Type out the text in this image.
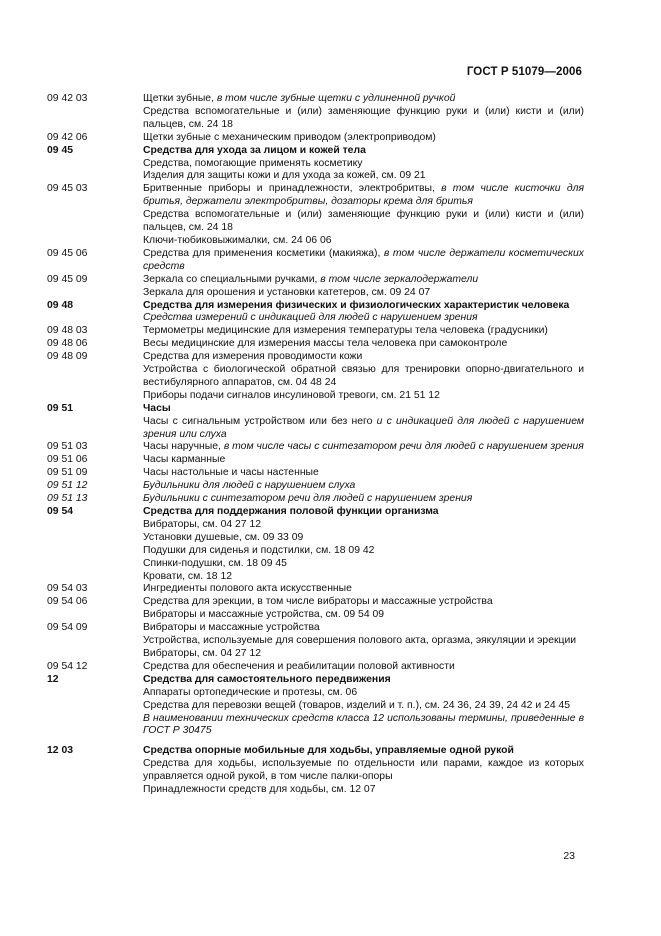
ГОСТ Р 51079—2006
09 42 03	Щетки зубные, в том числе зубные щетки с удлиненной ручкой
Средства вспомогательные и (или) заменяющие функцию руки и (или) кисти и (или) пальцев, см. 24 18
09 42 06	Щетки зубные с механическим приводом (электроприводом)
09 45	Средства для ухода за лицом и кожей тела
Средства, помогающие применять косметику
Изделия для защиты кожи и для ухода за кожей, см. 09 21
09 45 03	Бритвенные приборы и принадлежности, электробритвы, в том числе кисточки для бритья, держатели электробритвы, дозаторы крема для бритья
Средства вспомогательные и (или) заменяющие функцию руки и (или) кисти и (или) пальцев, см. 24 18
Ключи-тюбиковыжималки, см. 24 06 06
09 45 06	Средства для применения косметики (макияжа), в том числе держатели косметических средств
09 45 09	Зеркала со специальными ручками, в том числе зеркалодержатели
Зеркала для орошения и установки катетеров, см. 09 24 07
09 48	Средства для измерения физических и физиологических характеристик человека
Средства измерений с индикацией для людей с нарушением зрения
09 48 03	Термометры медицинские для измерения температуры тела человека (градусники)
09 48 06	Весы медицинские для измерения массы тела человека при самоконтроле
09 48 09	Средства для измерения проводимости кожи
Устройства с биологической обратной связью для тренировки опорно-двигательного и вестибулярного аппаратов, см. 04 48 24
Приборы подачи сигналов инсулиновой тревоги, см. 21 51 12
09 51	Часы
Часы с сигнальным устройством или без него и с индикацией для людей с нарушением зрения или слуха
09 51 03	Часы наручные, в том числе часы с синтезатором речи для людей с нарушением зрения
09 51 06	Часы карманные
09 51 09	Часы настольные и часы настенные
09 51 12	Будильники для людей с нарушением слуха
09 51 13	Будильники с синтезатором речи для людей с нарушением зрения
09 54	Средства для поддержания половой функции организма
Вибраторы, см. 04 27 12
Установки душевые, см. 09 33 09
Подушки для сиденья и подстилки, см. 18 09 42
Спинки-подушки, см. 18 09 45
Кровати, см. 18 12
09 54 03	Ингредиенты полового акта искусственные
09 54 06	Средства для эрекции, в том числе вибраторы и массажные устройства
Вибраторы и массажные устройства, см. 09 54 09
09 54 09	Вибраторы и массажные устройства
Устройства, используемые для совершения полового акта, оргазма, эякуляции и эрекции
Вибраторы, см. 04 27 12
09 54 12	Средства для обеспечения и реабилитации половой активности
12	Средства для самостоятельного передвижения
Аппараты ортопедические и протезы, см. 06
Средства для перевозки вещей (товаров, изделий и т. п.), см. 24 36, 24 39, 24 42 и 24 45
В наименовании технических средств класса 12 использованы термины, приведенные в ГОСТ Р 30475
12 03	Средства опорные мобильные для ходьбы, управляемые одной рукой
Средства для ходьбы, используемые по отдельности или парами, каждое из которых управляется одной рукой, в том числе палки-опоры
Принадлежности средств для ходьбы, см. 12 07
23
